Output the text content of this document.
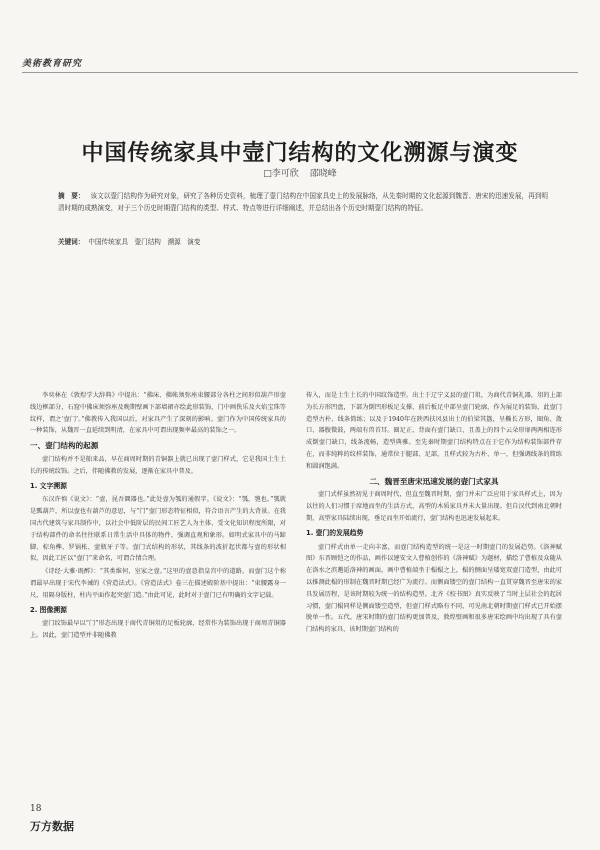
美術教育研究
中国传统家具中壸门结构的文化溯源与演变
□李可欣 邵晓峰
摘　要： 该文以壸门结构作为研究对象，研究了各种历史资料，梳理了壸门结构在中国家具史上的发展脉络，从先秦时期的文化起源到魏晋、唐宋的迅速发展，再到明清时期的成熟演变，对于三个历史时期壸门结构的类型、样式、特点等进行详细阐述，并总结出各个历史时期壸门结构的特征。
关键词： 中国传统家具　壸门结构　溯源　演变

李奕林在《敦煌学大辞典》中提出：“佛床、佛帐须弥座束腰部分各柱之间形似葫芦形壸线边框部分，石窟中佛床须弥座及晚期壁画下部墙裙亦绘此形装饰，门中画佚乐及火焰宝珠等纹样，谓之‘壸门’。”佛教传入我国以后，对家具产生了深刻的影响。壸门作为中国传统家具的一种装饰，从魏晋一直延续到明清，在家具中可谓出现频率最高的装饰之一。

一、壸门结构的起源

壸门结构并不是舶来品，早在商周时期的青铜器上就已出现了壸门样式，它是我国土生土长的传统纹饰。之后，伴随佛教的发展，逐渐在家具中普及。

1. 文字溯源

东汉许慎《说文》：“壸，昆吾圜器也。”此处壸为瓠的通假字。《说文》：“瓠，匏也。”瓠就是瓢葫芦，所以壸也有葫芦的意思，与“门”壸门形态特征相似，符合语言产生的大背景。在我国古代建筑与家具制作中，以社会中低阶层的民间工匠艺人为主体，受文化知识程度所限，对于结构部件的命名往往联系日常生活中具体的物件，强调直观和象形。如明式家具中的马蹄脚、棕角榫、罗锅枨、壸瓶牙子等。壸门式结构的形状，其线条的波折起伏都与壸的形状相似，因此工匠以“壸门”来命名，可谓合情合理。

《诗经·大雅·既醉》：“其类维何，室家之壸。”这里的壸意指皇宫中的道路。而壸门这个称谓最早出现于宋代李诫的《营造法式》。《营造法式》卷三在描述殿阶基中提出：“束腰露身一尺，用隔身版柱，柱内平面作起突壸门造。”由此可见，此时对于壸门已有明确的文字记载。

2. 图像溯源

壸门纹饰最早以“门”形态出现于商代青铜俎的足板轮廓，经常作为装饰出现于商周青铜器上。因此，壸门造型并非随佛教

传入，而是土生土长的中国纹饰造型。出土于辽宁义县的壸门俎，为商代青铜礼器，俎的上部为长方形凹盘，下部为倒凹形板足支撑，前后板足中部呈壸门轮廓，作为展足的装饰，此壸门造型古朴、线条简练；以及于1940年在陕西扶风县出土的伯梁其簋，呈椭长方形，圈角、敛口、器腹微鼓，两端有兽首耳。圈足正、背面有壸门缺口，且盖上的四个云朵形扉两两相连形成倒壸门缺口，线条流畅，造型典雅。至先秦时期壸门结构特点在于它作为结构装饰部件存在，而非纯粹的纹样装饰，通常位于腿部、足部，且样式较为古朴、单一，但强调线条的简练和圆润饱满。

二、魏晋至唐宋迅速发展的壸门式家具

壸门式样虽然初见于商周时代，但直至魏晋时期，壸门并未广泛应用于家具样式上，因为以往的人们习惯于席地而坐的生活方式，高型的木质家具并未大量出现。但自汉代到南北朝时期，高型家具陆续出现，垂足而坐开始流行，壸门结构也迅速发展起来。

1. 壸门的发展趋势

壸门样式由单一走向丰富，而壸门结构造型的统一是这一时期壸门的发展趋势。《洛神赋图》东晋顾恺之的作品，画作以建安文人曹植创作的《洛神赋》为题材，描绘了曹植及众随从在洛水之滨邂逅洛神的画面。画中曹植端坐于榻榻之上，榻的侧面呈矮宽双壸门造型，由此可以推测此榻的形制在魏晋时期已经广为流行。而侧面镂空的壸门结构一直贯穿魏晋至唐宋的家具发展历程，是该时期较为统一的结构造型。北齐《校书图》真实反映了当时上层社会的起居习惯，壸门榻同样是侧面镂空造型，但壸门样式略有不同，可见南北朝时期壸门样式已开始摆脱单一性。五代、唐宋时期的壸门结构更加普及，敦煌壁画和很多唐宋绘画中均出现了具有壸门结构的家具，该时期壸门结构的

18
万方数据
